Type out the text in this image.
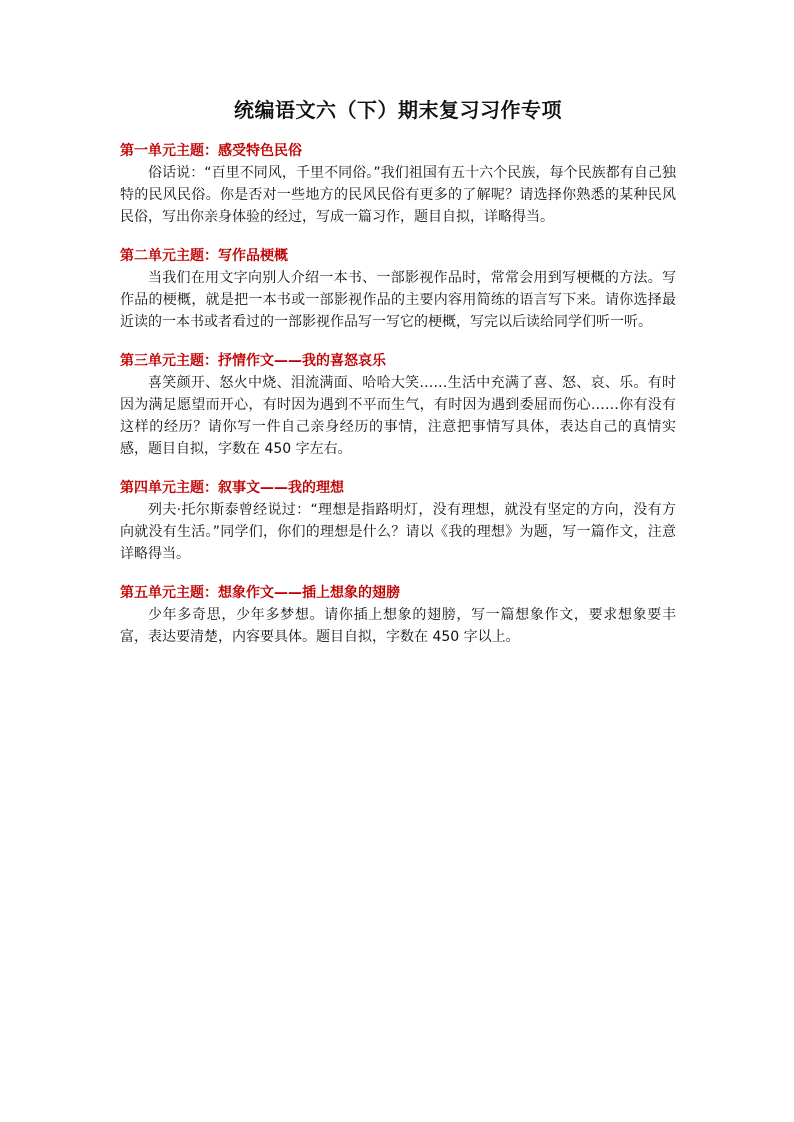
统编语文六（下）期末复习习作专项

第一单元主题：感受特色民俗

俗话说：“百里不同风，千里不同俗。”我们祖国有五十六个民族，每个民族都有自己独特的民风民俗。你是否对一些地方的民风民俗有更多的了解呢？请选择你熟悉的某种民风民俗，写出你亲身体验的经过，写成一篇习作，题目自拟，详略得当。

第二单元主题：写作品梗概

当我们在用文字向别人介绍一本书、一部影视作品时，常常会用到写梗概的方法。写作品的梗概，就是把一本书或一部影视作品的主要内容用简练的语言写下来。请你选择最近读的一本书或者看过的一部影视作品写一写它的梗概，写完以后读给同学们听一听。

第三单元主题：抒情作文——我的喜怒哀乐

喜笑颜开、怒火中烧、泪流满面、哈哈大笑……生活中充满了喜、怒、哀、乐。有时因为满足愿望而开心，有时因为遇到不平而生气，有时因为遇到委屈而伤心……你有没有这样的经历？请你写一件自己亲身经历的事情，注意把事情写具体，表达自己的真情实感，题目自拟，字数在 450 字左右。

第四单元主题：叙事文——我的理想

列夫·托尔斯泰曾经说过：“理想是指路明灯，没有理想，就没有坚定的方向，没有方向就没有生活。”同学们，你们的理想是什么？请以《我的理想》为题，写一篇作文，注意详略得当。

第五单元主题：想象作文——插上想象的翅膀

少年多奇思，少年多梦想。请你插上想象的翅膀，写一篇想象作文，要求想象要丰富，表达要清楚，内容要具体。题目自拟，字数在 450 字以上。
